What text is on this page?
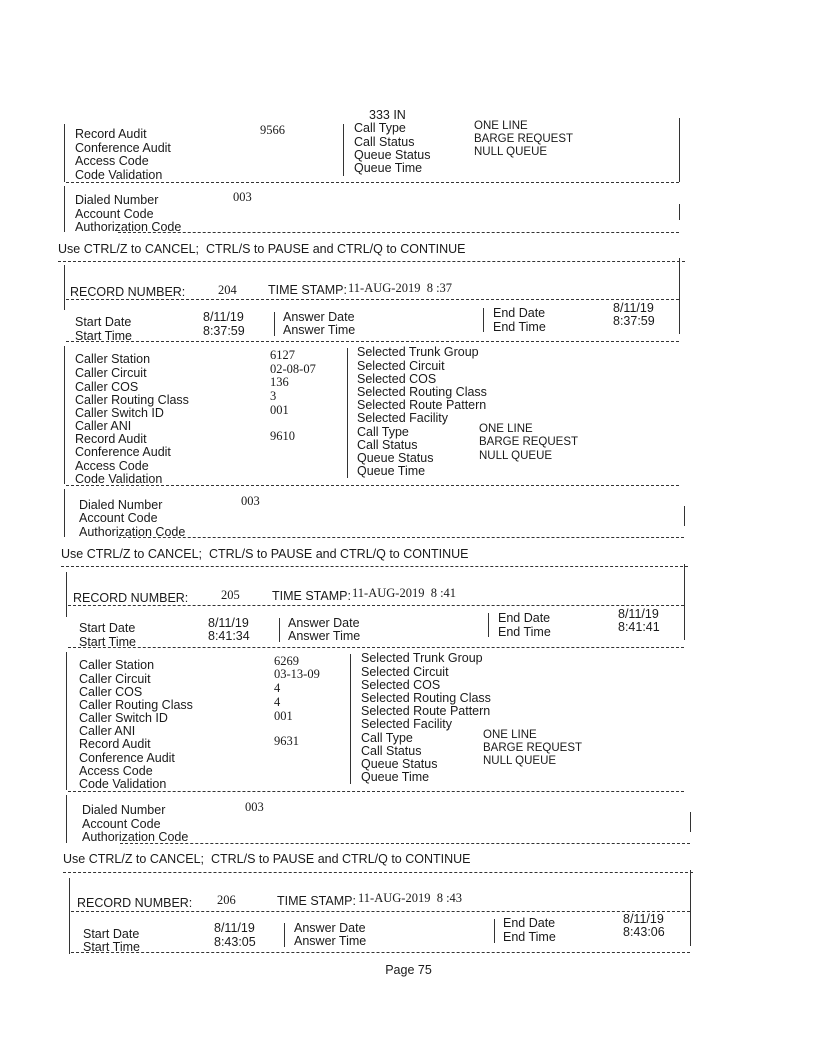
333 IN
Record Audit	9566
Conference Audit
Access Code
Code Validation
Call Type	ONE LINE
Call Status	BARGE REQUEST
Queue Status	NULL QUEUE
Queue Time
Dialed Number	003
Account Code
Authorization Code
Use CTRL/Z to CANCEL;  CTRL/S to PAUSE and CTRL/Q to CONTINUE
RECORD NUMBER:	204	TIME STAMP: 11-AUG-2019  8 :37
Start Date	8/11/19
Start Time	8:37:59
Answer Date
Answer Time
End Date	8/11/19
End Time	8:37:59
Caller Station	6127
Caller Circuit	02-08-07
Caller COS	136
Caller Routing Class	3
Caller Switch ID	001
Caller ANI
Record Audit	9610
Conference Audit
Access Code
Code Validation
Selected Trunk Group
Selected Circuit
Selected COS
Selected Routing Class
Selected Route Pattern
Selected Facility
Call Type	ONE LINE
Call Status	BARGE REQUEST
Queue Status	NULL QUEUE
Queue Time
Dialed Number	003
Account Code
Authorization Code
Use CTRL/Z to CANCEL;  CTRL/S to PAUSE and CTRL/Q to CONTINUE
RECORD NUMBER:	205	TIME STAMP: 11-AUG-2019  8 :41
Start Date	8/11/19
Start Time	8:41:34
Answer Date
Answer Time
End Date	8/11/19
End Time	8:41:41
Caller Station	6269
Caller Circuit	03-13-09
Caller COS	4
Caller Routing Class	4
Caller Switch ID	001
Caller ANI
Record Audit	9631
Conference Audit
Access Code
Code Validation
Selected Trunk Group
Selected Circuit
Selected COS
Selected Routing Class
Selected Route Pattern
Selected Facility
Call Type	ONE LINE
Call Status	BARGE REQUEST
Queue Status	NULL QUEUE
Queue Time
Dialed Number	003
Account Code
Authorization Code
Use CTRL/Z to CANCEL;  CTRL/S to PAUSE and CTRL/Q to CONTINUE
RECORD NUMBER: 206	TIME STAMP: 11-AUG-2019  8 :43
Start Date	8/11/19
Start Time	8:43:05
Answer Date
Answer Time
End Date	8/11/19
End Time	8:43:06
Page 75
